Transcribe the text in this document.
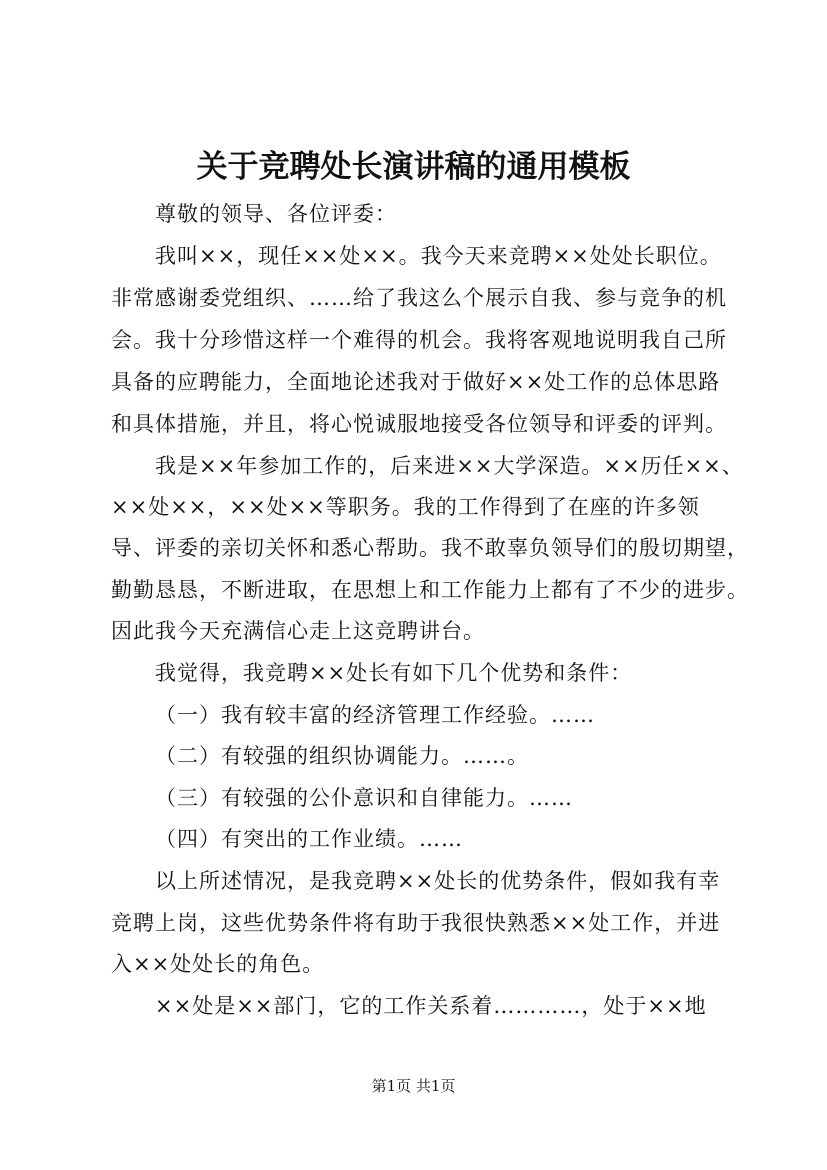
关于竞聘处长演讲稿的通用模板
尊敬的领导、各位评委：
我叫××，现任××处××。我今天来竞聘××处处长职位。
非常感谢委党组织、……给了我这么个展示自我、参与竞争的机
会。我十分珍惜这样一个难得的机会。我将客观地说明我自己所
具备的应聘能力，全面地论述我对于做好××处工作的总体思路
和具体措施，并且，将心悦诚服地接受各位领导和评委的评判。
我是××年参加工作的，后来进××大学深造。××历任××、
××处××，××处××等职务。我的工作得到了在座的许多领
导、评委的亲切关怀和悉心帮助。我不敢辜负领导们的殷切期望，
勤勤恳恳，不断进取，在思想上和工作能力上都有了不少的进步。
因此我今天充满信心走上这竞聘讲台。
我觉得，我竞聘××处长有如下几个优势和条件：
（一）我有较丰富的经济管理工作经验。……
（二）有较强的组织协调能力。……。
（三）有较强的公仆意识和自律能力。……
（四）有突出的工作业绩。……
以上所述情况，是我竞聘××处长的优势条件，假如我有幸
竞聘上岗，这些优势条件将有助于我很快熟悉××处工作，并进
入××处处长的角色。
××处是××部门，它的工作关系着…………，处于××地
第1页 共1页
